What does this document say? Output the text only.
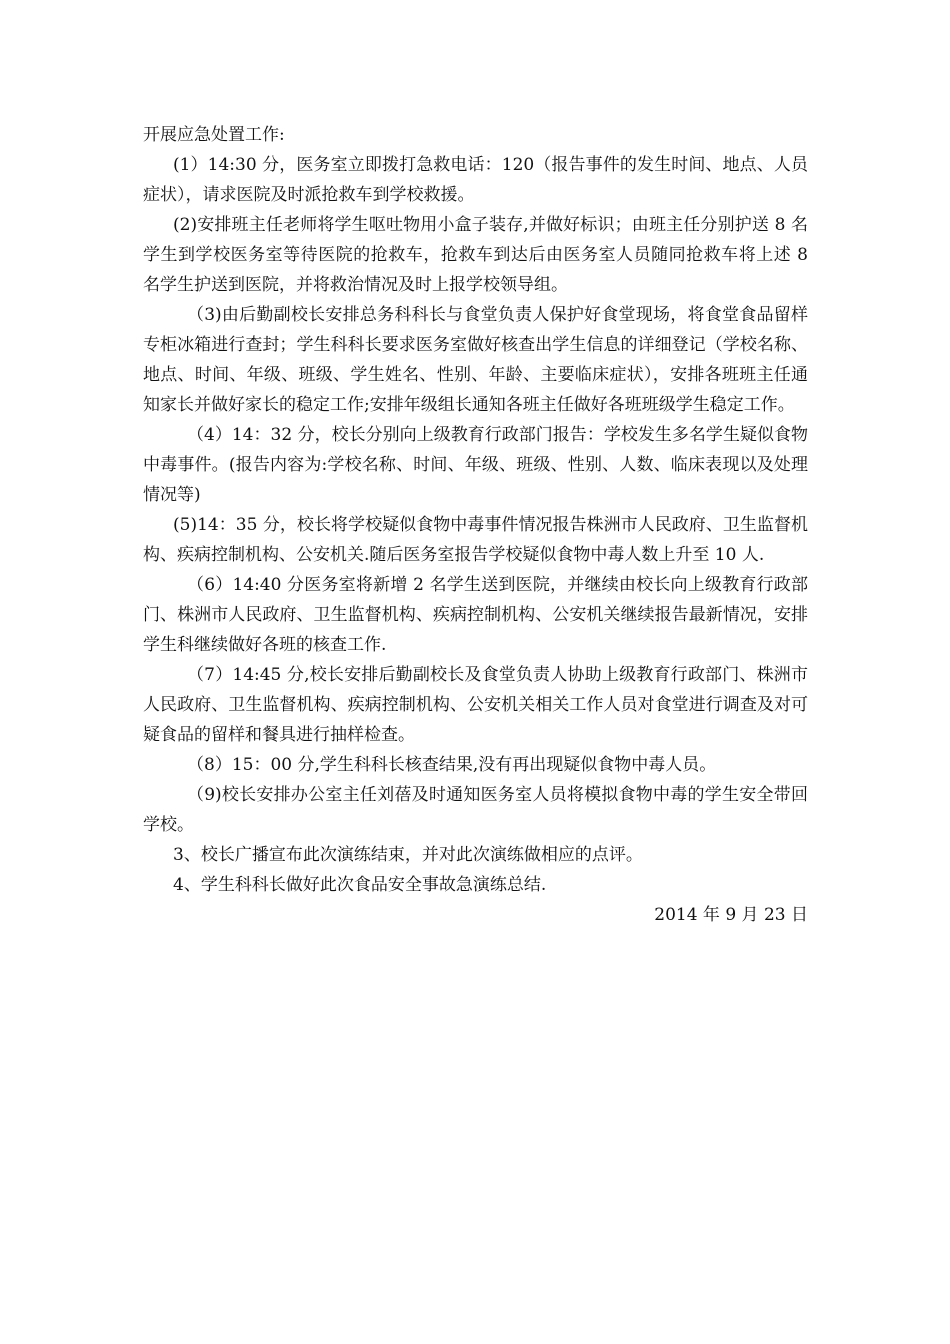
开展应急处置工作:

(1）14:30 分，医务室立即拨打急救电话：120（报告事件的发生时间、地点、人员症状），请求医院及时派抢救车到学校救援。

(2)安排班主任老师将学生呕吐物用小盒子装存,并做好标识；由班主任分别护送 8 名学生到学校医务室等待医院的抢救车，抢救车到达后由医务室人员随同抢救车将上述 8 名学生护送到医院，并将救治情况及时上报学校领导组。

（3)由后勤副校长安排总务科科长与食堂负责人保护好食堂现场，将食堂食品留样专柜冰箱进行查封；学生科科长要求医务室做好核查出学生信息的详细登记（学校名称、地点、时间、年级、班级、学生姓名、性别、年龄、主要临床症状），安排各班班主任通知家长并做好家长的稳定工作;安排年级组长通知各班主任做好各班班级学生稳定工作。

（4）14：32 分，校长分别向上级教育行政部门报告：学校发生多名学生疑似食物中毒事件。(报告内容为:学校名称、时间、年级、班级、性别、人数、临床表现以及处理情况等)

(5)14：35 分，校长将学校疑似食物中毒事件情况报告株洲市人民政府、卫生监督机构、疾病控制机构、公安机关.随后医务室报告学校疑似食物中毒人数上升至 10 人.

（6）14:40 分医务室将新增 2 名学生送到医院，并继续由校长向上级教育行政部门、株洲市人民政府、卫生监督机构、疾病控制机构、公安机关继续报告最新情况，安排学生科继续做好各班的核查工作.

（7）14:45 分,校长安排后勤副校长及食堂负责人协助上级教育行政部门、株洲市人民政府、卫生监督机构、疾病控制机构、公安机关相关工作人员对食堂进行调查及对可疑食品的留样和餐具进行抽样检查。

（8）15：00 分,学生科科长核查结果,没有再出现疑似食物中毒人员。

（9)校长安排办公室主任刘蓓及时通知医务室人员将模拟食物中毒的学生安全带回学校。

3、校长广播宣布此次演练结束，并对此次演练做相应的点评。

4、学生科科长做好此次食品安全事故急演练总结.

2014 年 9 月 23 日
